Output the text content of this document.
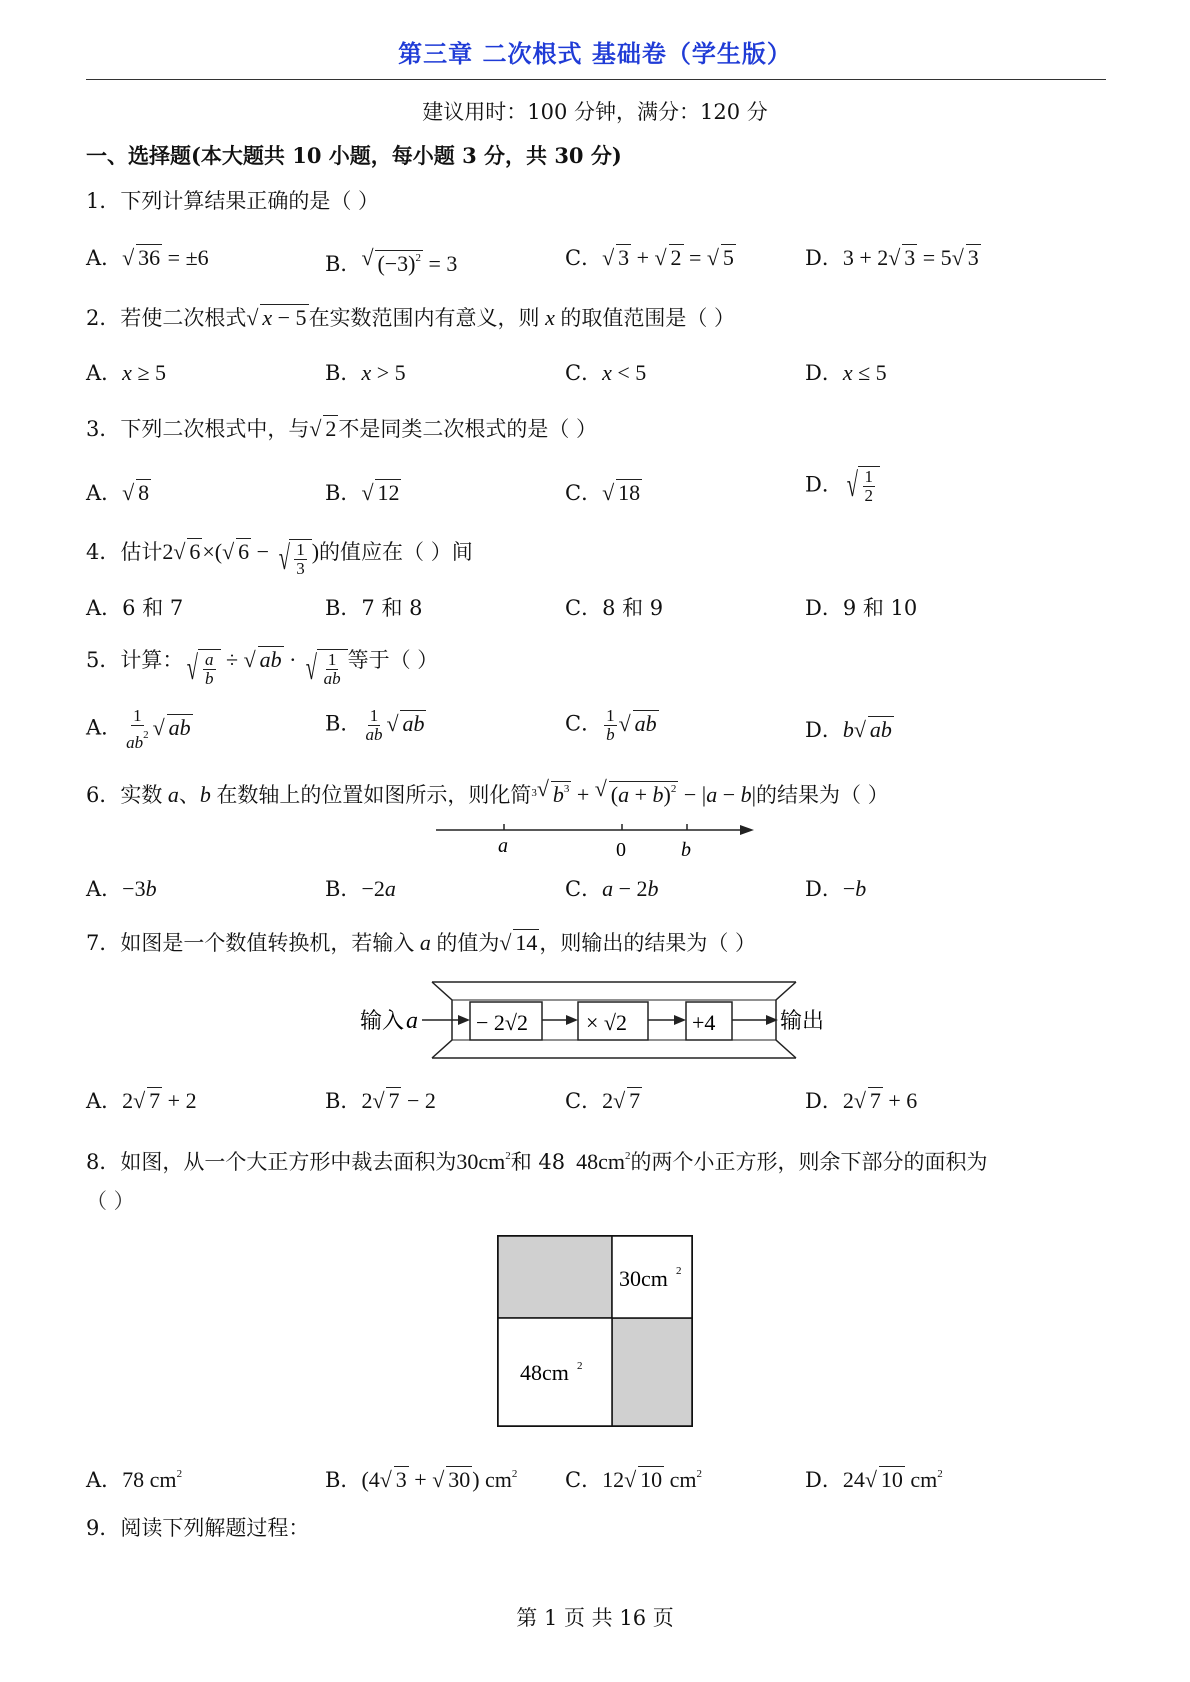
第三章 二次根式 基础卷（学生版）
建议用时：100 分钟，满分：120 分
一、选择题(本大题共 10 小题，每小题 3 分，共 30 分)
1．下列计算结果正确的是（ ）
A． √ 36 = ±6	B． √ $(-3)^2 = 3$	C． √ 3 + √ 2 = √ 5	D．3 + 2 √ 3 = 5 √ 3
2．若使二次根式 √ x − 5在实数范围内有意义，则 x 的取值范围是（ ）
A．x ≥ 5	B．x > 5	C．x < 5	D．x ≤ 5
3．下列二次根式中，与 √ 2不是同类二次根式的是（ ）
A． √ 8	B． √ 12	C． √ 18	D． √ $\frac{1}{2}$
4．估计2 √ 6×( √ 6 − √ $\frac{1}{3}$ )的值应在（ ）间
A．6 和 7	B．7 和 8	C．8 和 9	D．9 和 10
5．计算： √ $\frac{a}{b}$ ÷ √ ab · √ $\frac{1}{ab}$ 等于（ ）
A． $\frac{1}{ab^2}$ √ ab	B． $\frac{1}{ab}$ √ ab	C． $\frac{1}{b}$ √ ab	D．b √ ab
6．实数 a、b 在数轴上的位置如图所示，则化简$^3$ √ $b^3$ + √ $(a + b)^2 - |a - b|$的结果为（ ）
a	0	b
A．−3b	B．−2a	C．a − 2b	D．−b
7．如图是一个数值转换机，若输入 a 的值为 √ 14，则输出的结果为（ ）
输入 a	− 2√2	× √2	+4	输出
A．2 √ 7 + 2	B．2 √ 7 − 2	C．2 √ 7	D．2 √ 7 + 6
8．如图，从一个大正方形中裁去面积为$30cm^2$和 48  $48cm^2$的两个小正方形，则余下部分的面积为
（ ）
30cm 2
48cm 2
A．78 $cm^2$	B．(4 √ 3 + √ 30) $cm^2$ C．12 √ 10 $cm^2$	D．24 √ 10 $cm^2$
9．阅读下列解题过程：
第 1 页 共 16 页
